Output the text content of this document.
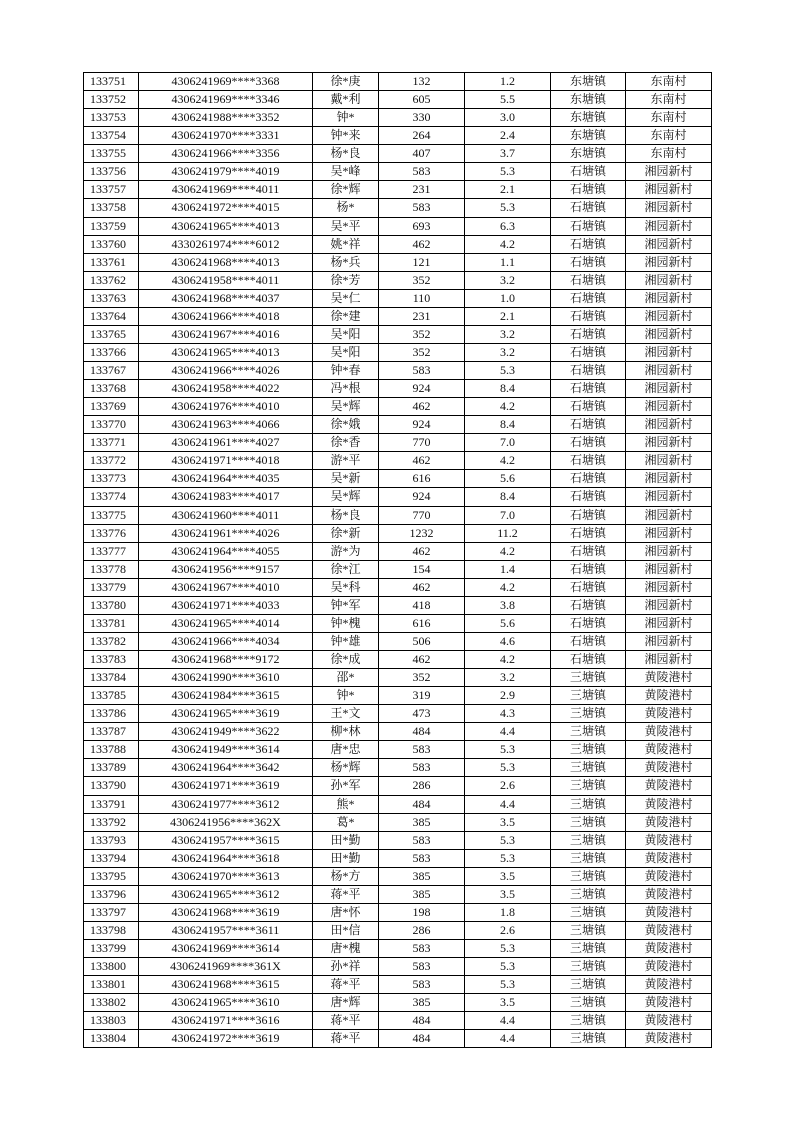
133751	4306241969****3368	徐*庚	132	1.2	东塘镇	东南村
133752	4306241969****3346	戴*利	605	5.5	东塘镇	东南村
133753	4306241988****3352	钟*	330	3.0	东塘镇	东南村
133754	4306241970****3331	钟*来	264	2.4	东塘镇	东南村
133755	4306241966****3356	杨*良	407	3.7	东塘镇	东南村
133756	4306241979****4019	吴*峰	583	5.3	石塘镇	湘园新村
133757	4306241969****4011	徐*辉	231	2.1	石塘镇	湘园新村
133758	4306241972****4015	杨*	583	5.3	石塘镇	湘园新村
133759	4306241965****4013	吴*平	693	6.3	石塘镇	湘园新村
133760	4330261974****6012	姚*祥	462	4.2	石塘镇	湘园新村
133761	4306241968****4013	杨*兵	121	1.1	石塘镇	湘园新村
133762	4306241958****4011	徐*芳	352	3.2	石塘镇	湘园新村
133763	4306241968****4037	吴*仁	110	1.0	石塘镇	湘园新村
133764	4306241966****4018	徐*建	231	2.1	石塘镇	湘园新村
133765	4306241967****4016	吴*阳	352	3.2	石塘镇	湘园新村
133766	4306241965****4013	吴*阳	352	3.2	石塘镇	湘园新村
133767	4306241966****4026	钟*春	583	5.3	石塘镇	湘园新村
133768	4306241958****4022	冯*根	924	8.4	石塘镇	湘园新村
133769	4306241976****4010	吴*辉	462	4.2	石塘镇	湘园新村
133770	4306241963****4066	徐*娥	924	8.4	石塘镇	湘园新村
133771	4306241961****4027	徐*香	770	7.0	石塘镇	湘园新村
133772	4306241971****4018	游*平	462	4.2	石塘镇	湘园新村
133773	4306241964****4035	吴*新	616	5.6	石塘镇	湘园新村
133774	4306241983****4017	吴*辉	924	8.4	石塘镇	湘园新村
133775	4306241960****4011	杨*良	770	7.0	石塘镇	湘园新村
133776	4306241961****4026	徐*新	1232	11.2	石塘镇	湘园新村
133777	4306241964****4055	游*为	462	4.2	石塘镇	湘园新村
133778	4306241956****9157	徐*江	154	1.4	石塘镇	湘园新村
133779	4306241967****4010	吴*科	462	4.2	石塘镇	湘园新村
133780	4306241971****4033	钟*军	418	3.8	石塘镇	湘园新村
133781	4306241965****4014	钟*槐	616	5.6	石塘镇	湘园新村
133782	4306241966****4034	钟*雄	506	4.6	石塘镇	湘园新村
133783	4306241968****9172	徐*成	462	4.2	石塘镇	湘园新村
133784	4306241990****3610	邵*	352	3.2	三塘镇	黄陵港村
133785	4306241984****3615	钟*	319	2.9	三塘镇	黄陵港村
133786	4306241965****3619	王*文	473	4.3	三塘镇	黄陵港村
133787	4306241949****3622	柳*林	484	4.4	三塘镇	黄陵港村
133788	4306241949****3614	唐*忠	583	5.3	三塘镇	黄陵港村
133789	4306241964****3642	杨*辉	583	5.3	三塘镇	黄陵港村
133790	4306241971****3619	孙*军	286	2.6	三塘镇	黄陵港村
133791	4306241977****3612	熊*	484	4.4	三塘镇	黄陵港村
133792	4306241956****362X	葛*	385	3.5	三塘镇	黄陵港村
133793	4306241957****3615	田*勤	583	5.3	三塘镇	黄陵港村
133794	4306241964****3618	田*勤	583	5.3	三塘镇	黄陵港村
133795	4306241970****3613	杨*方	385	3.5	三塘镇	黄陵港村
133796	4306241965****3612	蒋*平	385	3.5	三塘镇	黄陵港村
133797	4306241968****3619	唐*怀	198	1.8	三塘镇	黄陵港村
133798	4306241957****3611	田*信	286	2.6	三塘镇	黄陵港村
133799	4306241969****3614	唐*槐	583	5.3	三塘镇	黄陵港村
133800	4306241969****361X	孙*祥	583	5.3	三塘镇	黄陵港村
133801	4306241968****3615	蒋*平	583	5.3	三塘镇	黄陵港村
133802	4306241965****3610	唐*辉	385	3.5	三塘镇	黄陵港村
133803	4306241971****3616	蒋*平	484	4.4	三塘镇	黄陵港村
133804	4306241972****3619	蒋*平	484	4.4	三塘镇	黄陵港村
